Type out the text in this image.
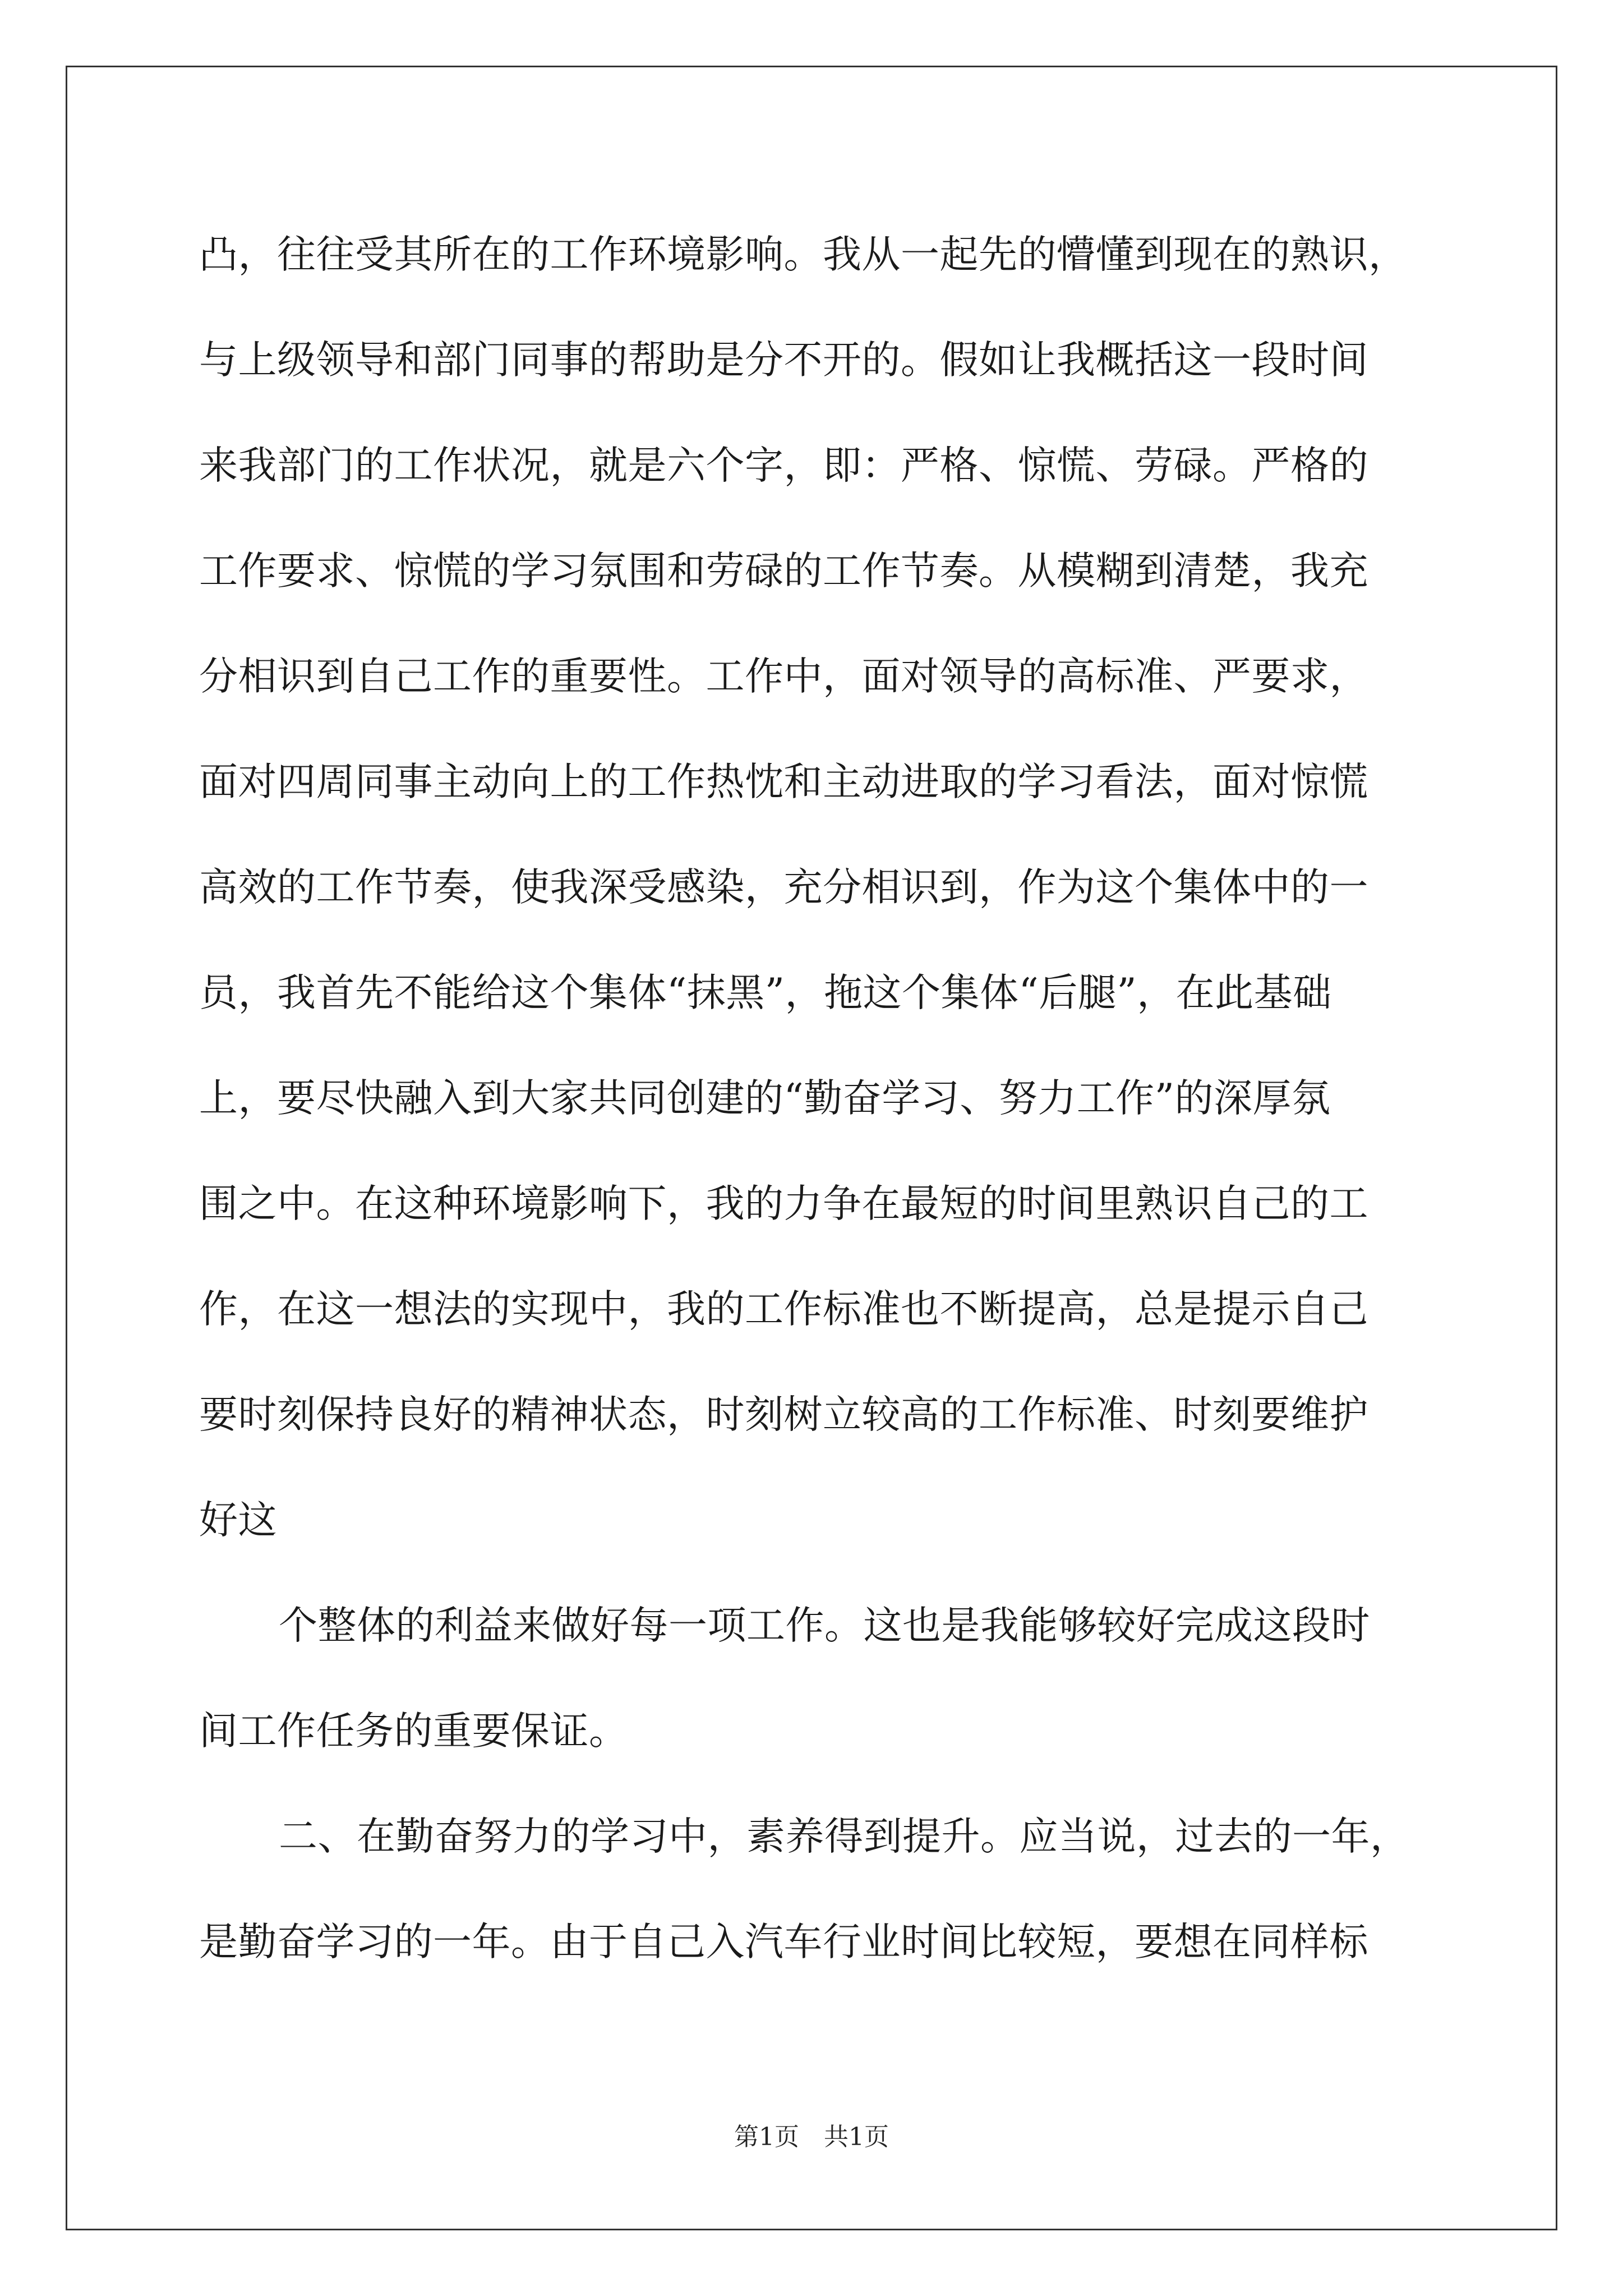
凸，往往受其所在的工作环境影响。我从一起先的懵懂到现在的熟识，
与上级领导和部门同事的帮助是分不开的。假如让我概括这一段时间
来我部门的工作状况，就是六个字，即：严格、惊慌、劳碌。严格的
工作要求、惊慌的学习氛围和劳碌的工作节奏。从模糊到清楚，我充
分相识到自己工作的重要性。工作中，面对领导的高标准、严要求，
面对四周同事主动向上的工作热忱和主动进取的学习看法，面对惊慌
高效的工作节奏，使我深受感染，充分相识到，作为这个集体中的一
员，我首先不能给这个集体“抹黑”，拖这个集体“后腿”，在此基础
上，要尽快融入到大家共同创建的“勤奋学习、努力工作”的深厚氛
围之中。在这种环境影响下，我的力争在最短的时间里熟识自己的工
作，在这一想法的实现中，我的工作标准也不断提高，总是提示自己
要时刻保持良好的精神状态，时刻树立较高的工作标准、时刻要维护
好这
个整体的利益来做好每一项工作。这也是我能够较好完成这段时
间工作任务的重要保证。
二、在勤奋努力的学习中，素养得到提升。应当说，过去的一年，
是勤奋学习的一年。由于自己入汽车行业时间比较短，要想在同样标
第1页　共1页
